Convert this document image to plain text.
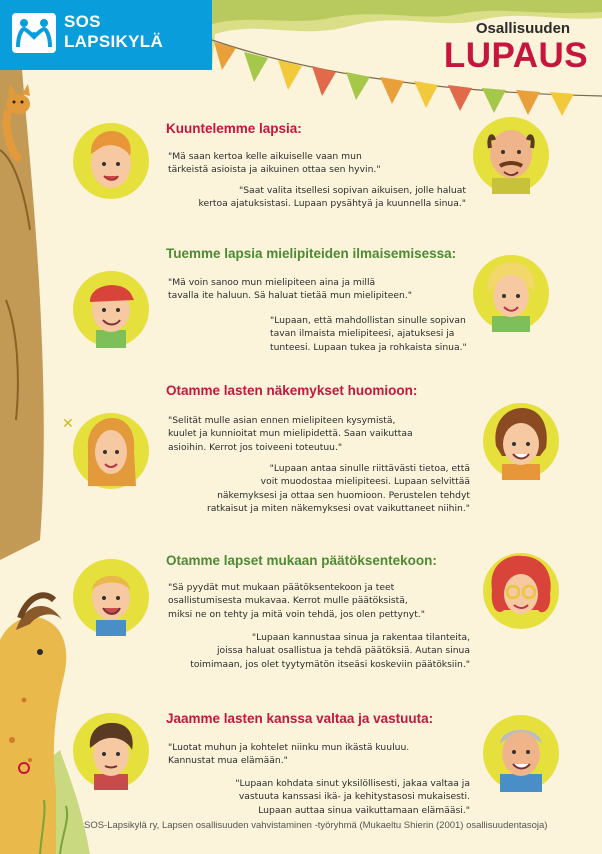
✕
SOS
LAPSIKYLÄ
Osallisuuden
LUPAUS
Kuuntelemme lapsia:
"Mä saan kertoa kelle aikuiselle vaan mun
tärkeistä asioista ja aikuinen ottaa sen hyvin."
"Saat valita itsellesi sopivan aikuisen, jolle haluat
kertoa ajatuksistasi. Lupaan pysähtyä ja kuunnella sinua."
Tuemme lapsia mielipiteiden ilmaisemisessa:
"Mä voin sanoo mun mielipiteen aina ja millä
tavalla ite haluun. Sä haluat tietää mun mielipiteen."
"Lupaan, että mahdollistan sinulle sopivan
tavan ilmaista mielipiteesi, ajatuksesi ja
tunteesi. Lupaan tukea ja rohkaista sinua."
Otamme lasten näkemykset huomioon:
"Selität mulle asian ennen mielipiteen kysymistä,
kuulet ja kunnioitat mun mielipidettä. Saan vaikuttaa
asioihin. Kerrot jos toiveeni toteutuu."
"Lupaan antaa sinulle riittävästi tietoa, että
voit muodostaa mielipiteesi. Lupaan selvittää
näkemyksesi ja ottaa sen huomioon. Perustelen tehdyt
ratkaisut ja miten näkemyksesi ovat vaikuttaneet niihin."
Otamme lapset mukaan päätöksentekoon:
"Sä pyydät mut mukaan päätöksentekoon ja teet
osallistumisesta mukavaa. Kerrot mulle päätöksistä,
miksi ne on tehty ja mitä voin tehdä, jos olen pettynyt."
"Lupaan kannustaa sinua ja rakentaa tilanteita,
joissa haluat osallistua ja tehdä päätöksiä. Autan sinua
toimimaan, jos olet tyytymätön itseäsi koskeviin päätöksiin."
Jaamme lasten kanssa valtaa ja vastuuta:
"Luotat muhun ja kohtelet niinku mun ikästä kuuluu.
Kannustat mua elämään."
"Lupaan kohdata sinut yksilöllisesti, jakaa valtaa ja
vastuuta kanssasi ikä- ja kehitystasosi mukaisesti.
Lupaan auttaa sinua vaikuttamaan elämääsi."
SOS-Lapsikylä ry, Lapsen osallisuuden vahvistaminen -työryhmä (Mukaeltu Shierin (2001) osallisuudentasoja)
